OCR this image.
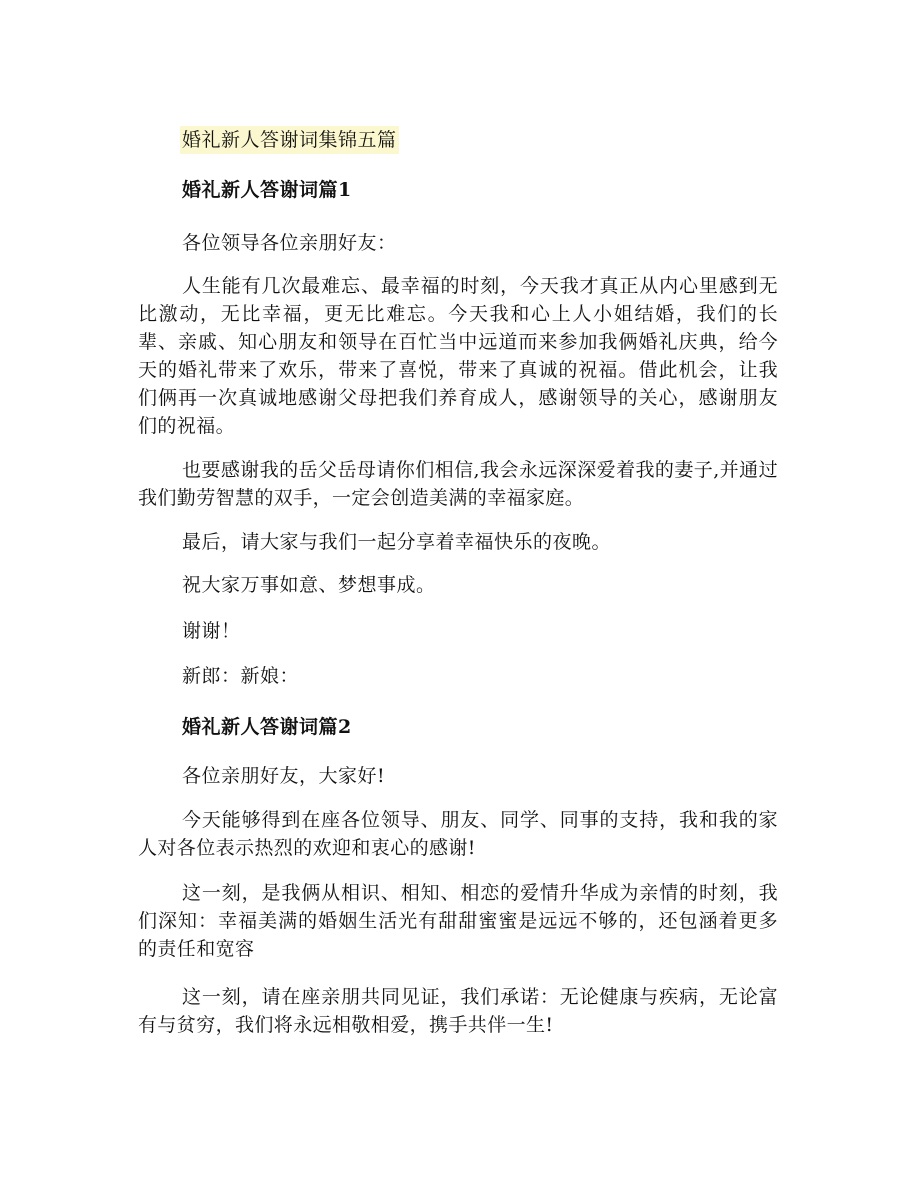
婚礼新人答谢词集锦五篇
婚礼新人答谢词篇1
各位领导各位亲朋好友：

人生能有几次最难忘、最幸福的时刻，今天我才真正从内心里感到无比激动，无比幸福，更无比难忘。今天我和心上人小姐结婚，我们的长辈、亲戚、知心朋友和领导在百忙当中远道而来参加我俩婚礼庆典，给今天的婚礼带来了欢乐，带来了喜悦，带来了真诚的祝福。借此机会，让我们俩再一次真诚地感谢父母把我们养育成人，感谢领导的关心，感谢朋友们的祝福。

也要感谢我的岳父岳母请你们相信,我会永远深深爱着我的妻子,并通过我们勤劳智慧的双手，一定会创造美满的幸福家庭。

最后，请大家与我们一起分享着幸福快乐的夜晚。
祝大家万事如意、梦想事成。
谢谢！
新郎：新娘：
婚礼新人答谢词篇2
各位亲朋好友，大家好!

今天能够得到在座各位领导、朋友、同学、同事的支持，我和我的家人对各位表示热烈的欢迎和衷心的感谢!

这一刻，是我俩从相识、相知、相恋的爱情升华成为亲情的时刻，我们深知：幸福美满的婚姻生活光有甜甜蜜蜜是远远不够的，还包涵着更多的责任和宽容

这一刻，请在座亲朋共同见证，我们承诺：无论健康与疾病，无论富有与贫穷，我们将永远相敬相爱，携手共伴一生!
